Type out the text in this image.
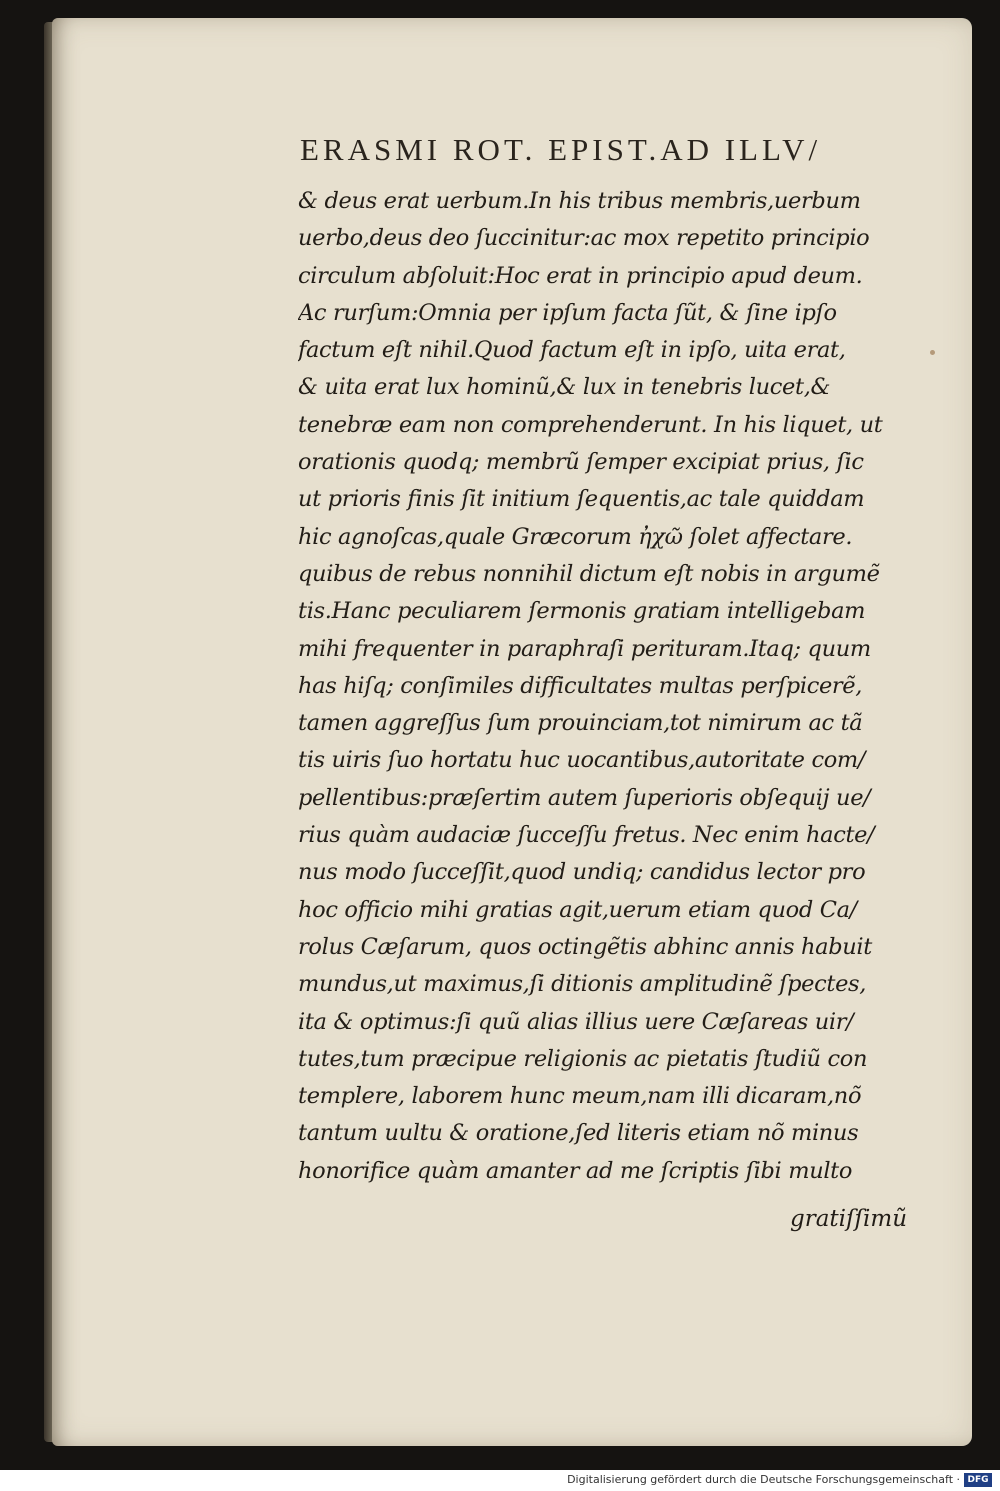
ERASMI ROT. EPIST.AD ILLV/
& deus erat uerbum.In his tribus membris,uerbum
uerbo,deus deo ſuccinitur:ac mox repetito principio
circulum abſoluit:Hoc erat in principio apud deum.
Ac rurſum:Omnia per ipſum facta ſũt, & ſine ipſo
factum eſt nihil.Quod factum eſt in ipſo, uita erat,
& uita erat lux hominũ,& lux in tenebris lucet,&
tenebræ eam non comprehenderunt. In his liquet, ut
orationis quodq; membrũ ſemper excipiat prius, ſic
ut prioris finis ſit initium ſequentis,ac tale quiddam
hic agnoſcas,quale Græcorum ἠχῶ ſolet affectare.
quibus de rebus nonnihil dictum eſt nobis in argumẽ
tis.Hanc peculiarem ſermonis gratiam intelligebam
mihi frequenter in paraphraſi perituram.Itaq; quum
has hiſq; conſimiles difficultates multas perſpicerẽ,
tamen aggreſſus ſum prouinciam,tot nimirum ac tã
tis uiris ſuo hortatu huc uocantibus,autoritate com/
pellentibus:præſertim autem ſuperioris obſequij ue/
rius quàm audaciæ ſucceſſu fretus. Nec enim hacte/
nus modo ſucceſſit,quod undiq; candidus lector pro
hoc officio mihi gratias agit,uerum etiam quod Ca/
rolus Cæſarum, quos octingẽtis abhinc annis habuit
mundus,ut maximus,ſi ditionis amplitudinẽ ſpectes,
ita & optimus:ſi quũ alias illius uere Cæſareas uir/
tutes,tum præcipue religionis ac pietatis ſtudiũ con
templere, laborem hunc meum,nam illi dicaram,nõ
tantum uultu & oratione,ſed literis etiam nõ minus
honorifice quàm amanter ad me ſcriptis ſibi multo
gratiſſimũ
Digitalisierung gefördert durch die Deutsche Forschungsgemeinschaft · DFG
